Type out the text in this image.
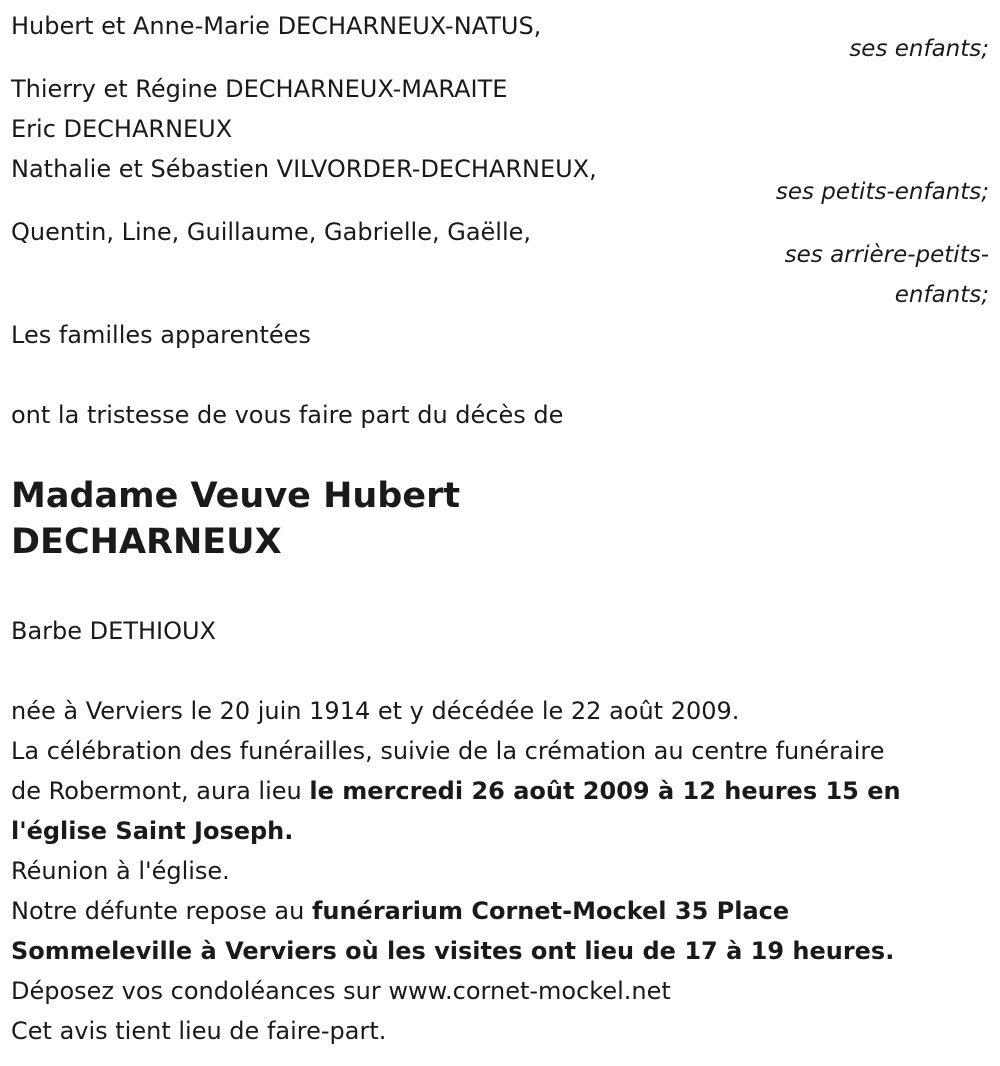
Hubert et Anne-Marie DECHARNEUX-NATUS,
ses enfants;
Thierry et Régine DECHARNEUX-MARAITE
Eric DECHARNEUX
Nathalie et Sébastien VILVORDER-DECHARNEUX,
ses petits-enfants;
Quentin, Line, Guillaume, Gabrielle, Gaëlle,
ses arrière-petits-
enfants;
Les familles apparentées
ont la tristesse de vous faire part du décès de
Madame Veuve Hubert
DECHARNEUX
Barbe DETHIOUX
née à Verviers le 20 juin 1914 et y décédée le 22 août 2009.
La célébration des funérailles, suivie de la crémation au centre funéraire
de Robermont, aura lieu le mercredi 26 août 2009 à 12 heures 15 en
l'église Saint Joseph.
Réunion à l'église.
Notre défunte repose au funérarium Cornet-Mockel 35 Place
Sommeleville à Verviers où les visites ont lieu de 17 à 19 heures.
Déposez vos condoléances sur www.cornet-mockel.net
Cet avis tient lieu de faire-part.
